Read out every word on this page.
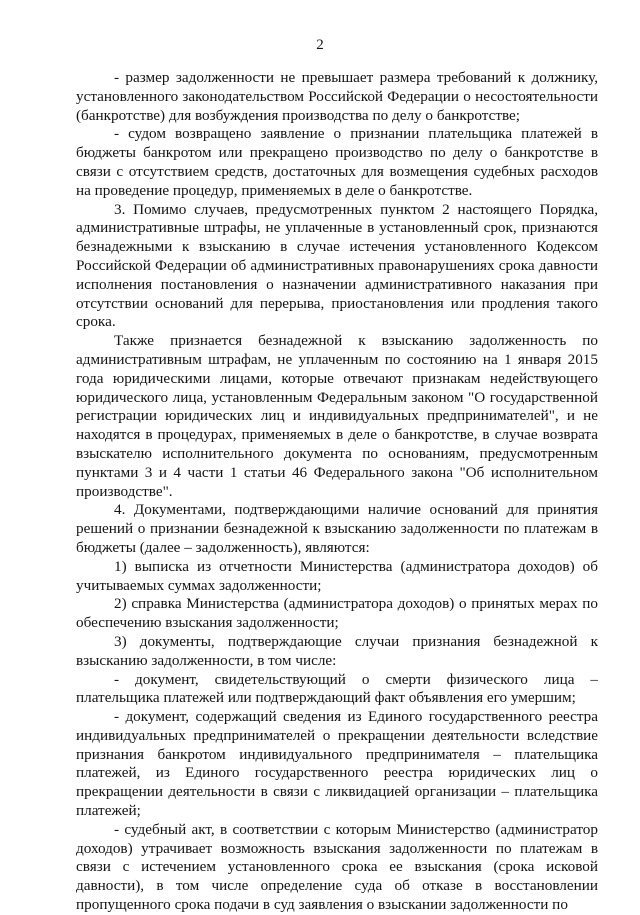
2

- размер задолженности не превышает размера требований к должнику, установленного законодательством Российской Федерации о несостоятельности (банкротстве) для возбуждения производства по делу о банкротстве;

- судом возвращено заявление о признании плательщика платежей в бюджеты банкротом или прекращено производство по делу о банкротстве в связи с отсутствием средств, достаточных для возмещения судебных расходов на проведение процедур, применяемых в деле о банкротстве.

3. Помимо случаев, предусмотренных пунктом 2 настоящего Порядка, административные штрафы, не уплаченные в установленный срок, признаются безнадежными к взысканию в случае истечения установленного Кодексом Российской Федерации об административных правонарушениях срока давности исполнения постановления о назначении административного наказания при отсутствии оснований для перерыва, приостановления или продления такого срока.

Также признается безнадежной к взысканию задолженность по административным штрафам, не уплаченным по состоянию на 1 января 2015 года юридическими лицами, которые отвечают признакам недействующего юридического лица, установленным Федеральным законом "О государственной регистрации юридических лиц и индивидуальных предпринимателей", и не находятся в процедурах, применяемых в деле о банкротстве, в случае возврата взыскателю исполнительного документа по основаниям, предусмотренным пунктами 3 и 4 части 1 статьи 46 Федерального закона "Об исполнительном производстве".

4. Документами, подтверждающими наличие оснований для принятия решений о признании безнадежной к взысканию задолженности по платежам в бюджеты (далее – задолженность), являются:

1) выписка из отчетности Министерства (администратора доходов) об учитываемых суммах задолженности;

2) справка Министерства (администратора доходов) о принятых мерах по обеспечению взыскания задолженности;

3) документы, подтверждающие случаи признания безнадежной к взысканию задолженности, в том числе:

- документ, свидетельствующий о смерти физического лица – плательщика платежей или подтверждающий факт объявления его умершим;

- документ, содержащий сведения из Единого государственного реестра индивидуальных предпринимателей о прекращении деятельности вследствие признания банкротом индивидуального предпринимателя – плательщика платежей, из Единого государственного реестра юридических лиц о прекращении деятельности в связи с ликвидацией организации – плательщика платежей;

- судебный акт, в соответствии с которым Министерство (администратор доходов) утрачивает возможность взыскания задолженности по платежам в связи с истечением установленного срока ее взыскания (срока исковой давности), в том числе определение суда об отказе в восстановлении пропущенного срока подачи в суд заявления о взыскании задолженности по
